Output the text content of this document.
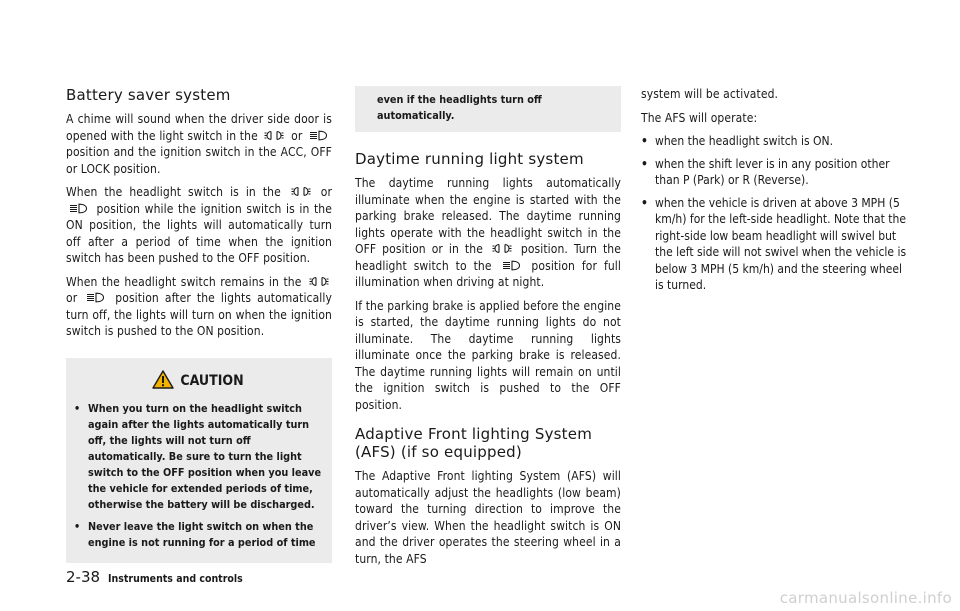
Battery saver system

A chime will sound when the driver side door is opened with the light switch in the
or
position and the ignition switch in the ACC, OFF or LOCK position.

When the headlight switch is in the
or
position while the ignition switch is in the ON position, the lights will automatically turn off after a period of time when the ignition switch has been pushed to the OFF position.

When the headlight switch remains in the
or
position after the lights automatically turn off, the lights will turn on when the ignition switch is pushed to the ON position.

CAUTION
• When you turn on the headlight switch again after the lights automatically turn off, the lights will not turn off automatically. Be sure to turn the light switch to the OFF position when you leave the vehicle for extended periods of time, otherwise the battery will be discharged.
• Never leave the light switch on when the engine is not running for a period of time
even if the headlights turn off automatically.
Daytime running light system

The daytime running lights automatically illuminate when the engine is started with the parking brake released. The daytime running lights operate with the headlight switch in the OFF position or in the
position. Turn the headlight switch to the
position for full illumination when driving at night.

If the parking brake is applied before the engine is started, the daytime running lights do not illuminate. The daytime running lights illuminate once the parking brake is released. The daytime running lights will remain on until the ignition switch is pushed to the OFF position.

Adaptive Front lighting System (AFS) (if so equipped)

The Adaptive Front lighting System (AFS) will automatically adjust the headlights (low beam) toward the turning direction to improve the driver’s view. When the headlight switch is ON and the driver operates the steering wheel in a turn, the AFS

system will be activated.

The AFS will operate:

• when the headlight switch is ON.
• when the shift lever is in any position other than P (Park) or R (Reverse).
• when the vehicle is driven at above 3 MPH (5 km/h) for the left-side headlight. Note that the right-side low beam headlight will swivel but the left side will not swivel when the vehicle is below 3 MPH (5 km/h) and the steering wheel is turned.
2-38 Instruments and controls
carmanualsonline.info
